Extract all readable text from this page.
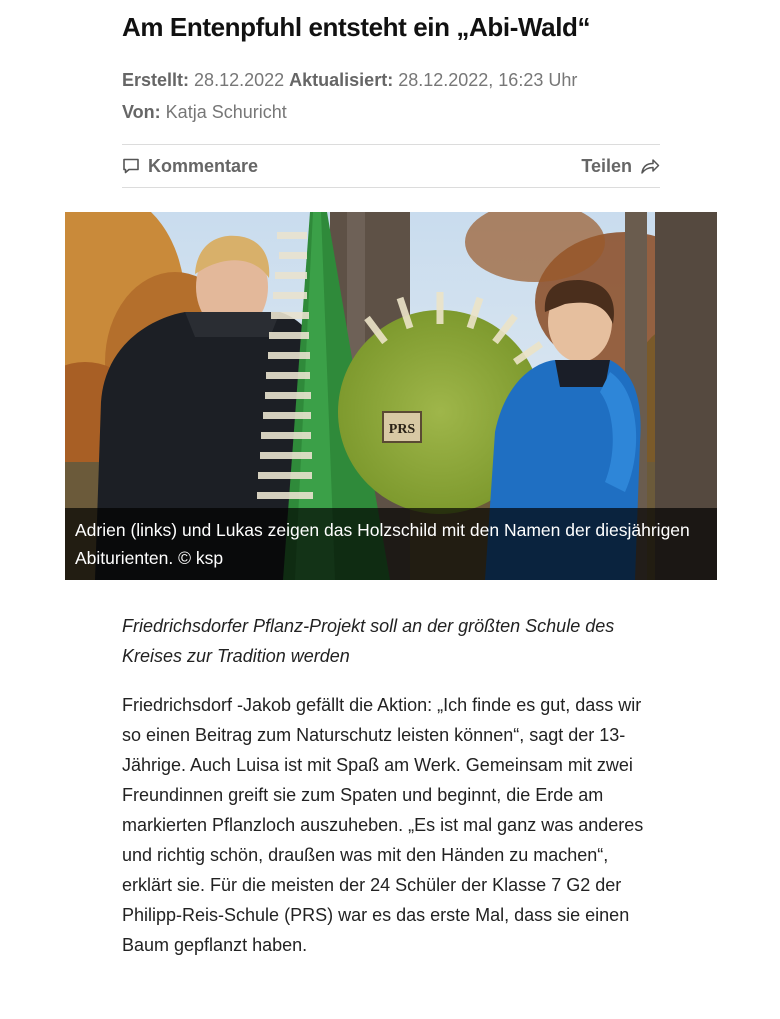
Am Entenpfuhl entsteht ein „Abi-Wald“
Erstellt: 28.12.2022 Aktualisiert: 28.12.2022, 16:23 Uhr
Von: Katja Schuricht
Kommentare	Teilen
PRS
Adrien (links) und Lukas zeigen das Holzschild mit den Namen der diesjährigen Abiturienten. © ksp

Friedrichsdorfer Pflanz-Projekt soll an der größten Schule des Kreises zur Tradition werden

Friedrichsdorf -Jakob gefällt die Aktion: „Ich finde es gut, dass wir so einen Beitrag zum Naturschutz leisten können“, sagt der 13-Jährige. Auch Luisa ist mit Spaß am Werk. Gemeinsam mit zwei Freundinnen greift sie zum Spaten und beginnt, die Erde am markierten Pflanzloch auszuheben. „Es ist mal ganz was anderes und richtig schön, draußen was mit den Händen zu machen“, erklärt sie. Für die meisten der 24 Schüler der Klasse 7 G2 der Philipp-Reis-Schule (PRS) war es das erste Mal, dass sie einen Baum gepflanzt haben.
